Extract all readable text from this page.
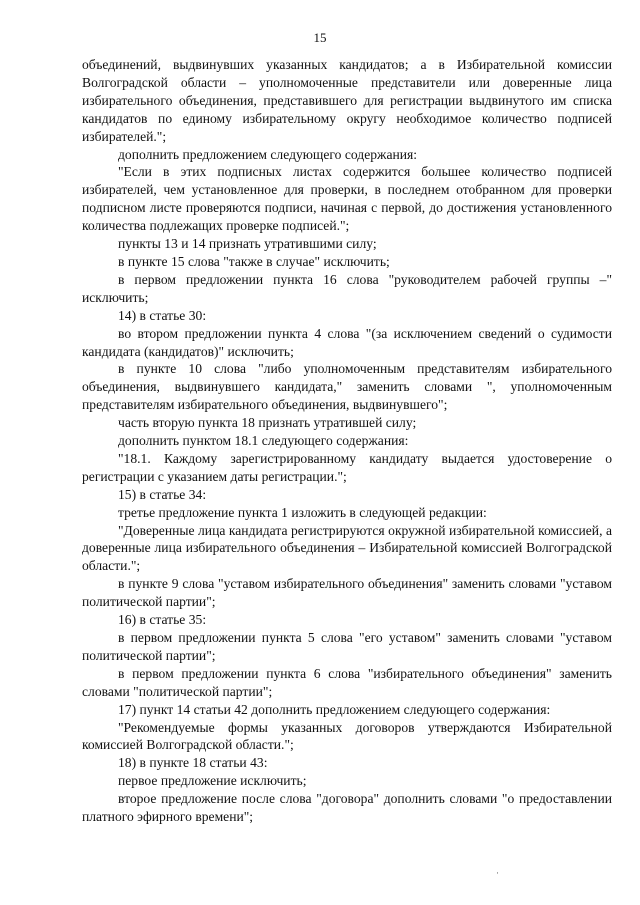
15

объединений, выдвинувших указанных кандидатов; а в Избирательной комиссии Волгоградской области – уполномоченные представители или доверенные лица избирательного объединения, представившего для регистрации выдвинутого им списка кандидатов по единому избирательному округу необходимое количество подписей избирателей.";

дополнить предложением следующего содержания:

"Если в этих подписных листах содержится большее количество подписей избирателей, чем установленное для проверки, в последнем отобранном для проверки подписном листе проверяются подписи, начиная с первой, до достижения установленного количества подлежащих проверке подписей.";

пункты 13 и 14 признать утратившими силу;

в пункте 15 слова "также в случае" исключить;

в первом предложении пункта 16 слова "руководителем рабочей группы –" исключить;

14) в статье 30:

во втором предложении пункта 4 слова "(за исключением сведений о судимости кандидата (кандидатов)" исключить;

в пункте 10 слова "либо уполномоченным представителям избирательного объединения, выдвинувшего кандидата," заменить словами ", уполномоченным представителям избирательного объединения, выдвинувшего";

часть вторую пункта 18 признать утратившей силу;

дополнить пунктом 18.1 следующего содержания:

"18.1. Каждому зарегистрированному кандидату выдается удостоверение о регистрации с указанием даты регистрации.";

15) в статье 34:

третье предложение пункта 1 изложить в следующей редакции:

"Доверенные лица кандидата регистрируются окружной избирательной комиссией, а доверенные лица избирательного объединения – Избирательной комиссией Волгоградской области.";

в пункте 9 слова "уставом избирательного объединения" заменить словами "уставом политической партии";

16) в статье 35:

в первом предложении пункта 5 слова "его уставом" заменить словами "уставом политической партии";

в первом предложении пункта 6 слова "избирательного объединения" заменить словами "политической партии";

17) пункт 14 статьи 42 дополнить предложением следующего содержания:

"Рекомендуемые формы указанных договоров утверждаются Избирательной комиссией Волгоградской области.";

18) в пункте 18 статьи 43:

первое предложение исключить;

второе предложение после слова "договора" дополнить словами "о предоставлении платного эфирного времени";

·
